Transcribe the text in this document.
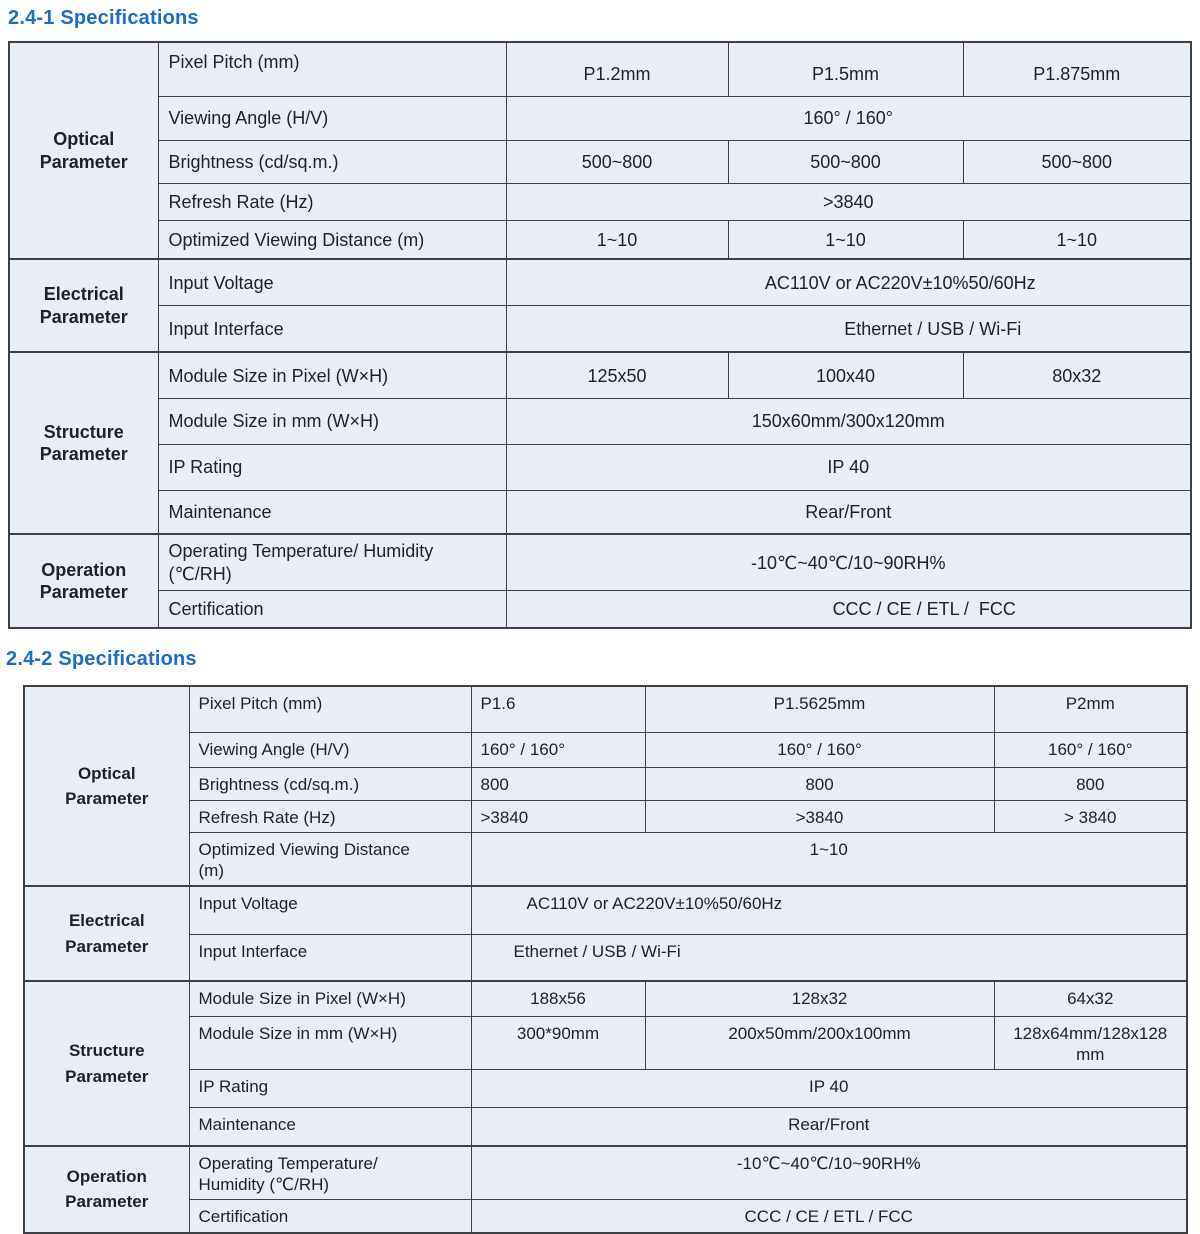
2.4-1 Specifications
Optical Parameter	Pixel Pitch (mm)	P1.2mm	P1.5mm	P1.875mm
	Viewing Angle (H/V)	160° / 160°		
	Brightness (cd/sq.m.)	500~800	500~800	500~800
	Refresh Rate (Hz)	>3840		
	Optimized Viewing Distance (m)	1~10	1~10	1~10
Electrical Parameter	Input Voltage	AC110V or AC220V±10%50/60Hz		
	Input Interface	Ethernet / USB / Wi-Fi		
Structure Parameter	Module Size in Pixel (W×H)	125x50	100x40	80x32
	Module Size in mm (W×H)	150x60mm/300x120mm		
	IP Rating	IP 40		
	Maintenance	Rear/Front		
Operation Parameter	Operating Temperature/ Humidity (℃/RH)	-10℃~40℃/10~90RH%		
	Certification	CCC / CE / ETL /  FCC		
2.4-2 Specifications
Optical Parameter	Pixel Pitch (mm)	P1.6	P1.5625mm	P2mm
	Viewing Angle (H/V)	160° / 160°	160° / 160°	160° / 160°
	Brightness (cd/sq.m.)	800	800	800
	Refresh Rate (Hz)	>3840	>3840	> 3840
	Optimized Viewing Distance (m)	1~10		
Electrical Parameter	Input Voltage	AC110V or AC220V±10%50/60Hz		
	Input Interface	Ethernet / USB / Wi-Fi		
Structure Parameter	Module Size in Pixel (W×H)	188x56	128x32	64x32
	Module Size in mm (W×H)	300*90mm	200x50mm/200x100mm	128x64mm/128x128mm
	IP Rating	IP 40		
	Maintenance	Rear/Front		
Operation Parameter	Operating Temperature/ Humidity (℃/RH)	-10℃~40℃/10~90RH%		
	Certification	CCC / CE / ETL / FCC		
